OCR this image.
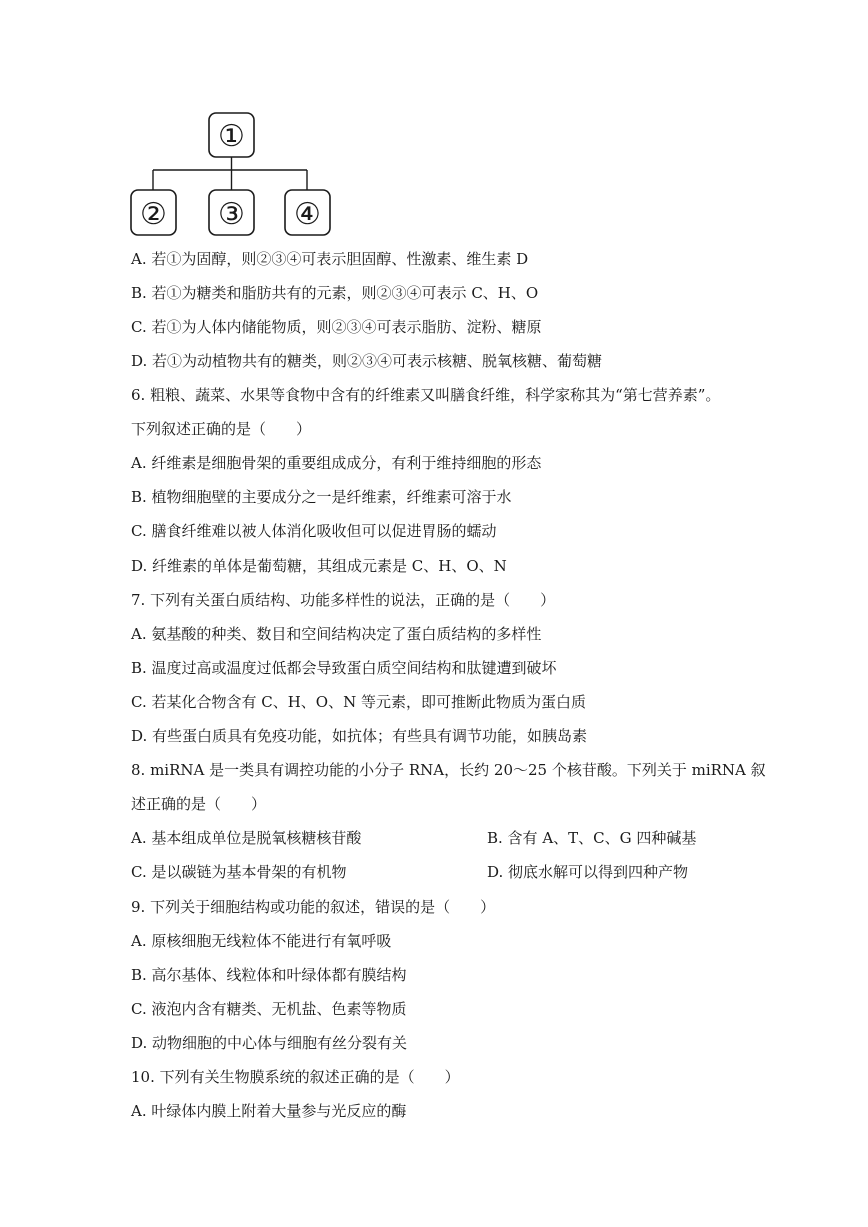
①
② ③ ④
A. 若①为固醇，则②③④可表示胆固醇、性激素、维生素 D
B. 若①为糖类和脂肪共有的元素，则②③④可表示 C、H、O
C. 若①为人体内储能物质，则②③④可表示脂肪、淀粉、糖原
D. 若①为动植物共有的糖类，则②③④可表示核糖、脱氧核糖、葡萄糖
6. 粗粮、蔬菜、水果等食物中含有的纤维素又叫膳食纤维，科学家称其为“第七营养素”。
下列叙述正确的是（　　）
A. 纤维素是细胞骨架的重要组成成分，有利于维持细胞的形态
B. 植物细胞壁的主要成分之一是纤维素，纤维素可溶于水
C. 膳食纤维难以被人体消化吸收但可以促进胃肠的蠕动
D. 纤维素的单体是葡萄糖，其组成元素是 C、H、O、N
7. 下列有关蛋白质结构、功能多样性的说法，正确的是（　　）
A. 氨基酸的种类、数目和空间结构决定了蛋白质结构的多样性
B. 温度过高或温度过低都会导致蛋白质空间结构和肽键遭到破坏
C. 若某化合物含有 C、H、O、N 等元素，即可推断此物质为蛋白质
D. 有些蛋白质具有免疫功能，如抗体；有些具有调节功能，如胰岛素
8. miRNA 是一类具有调控功能的小分子 RNA，长约 20～25 个核苷酸。下列关于 miRNA 叙
述正确的是（　　）
A. 基本组成单位是脱氧核糖核苷酸	B. 含有 A、T、C、G 四种碱基
C. 是以碳链为基本骨架的有机物	D. 彻底水解可以得到四种产物
9. 下列关于细胞结构或功能的叙述，错误的是（　　）
A. 原核细胞无线粒体不能进行有氧呼吸
B. 高尔基体、线粒体和叶绿体都有膜结构
C. 液泡内含有糖类、无机盐、色素等物质
D. 动物细胞的中心体与细胞有丝分裂有关
10. 下列有关生物膜系统的叙述正确的是（　　）
A. 叶绿体内膜上附着大量参与光反应的酶
